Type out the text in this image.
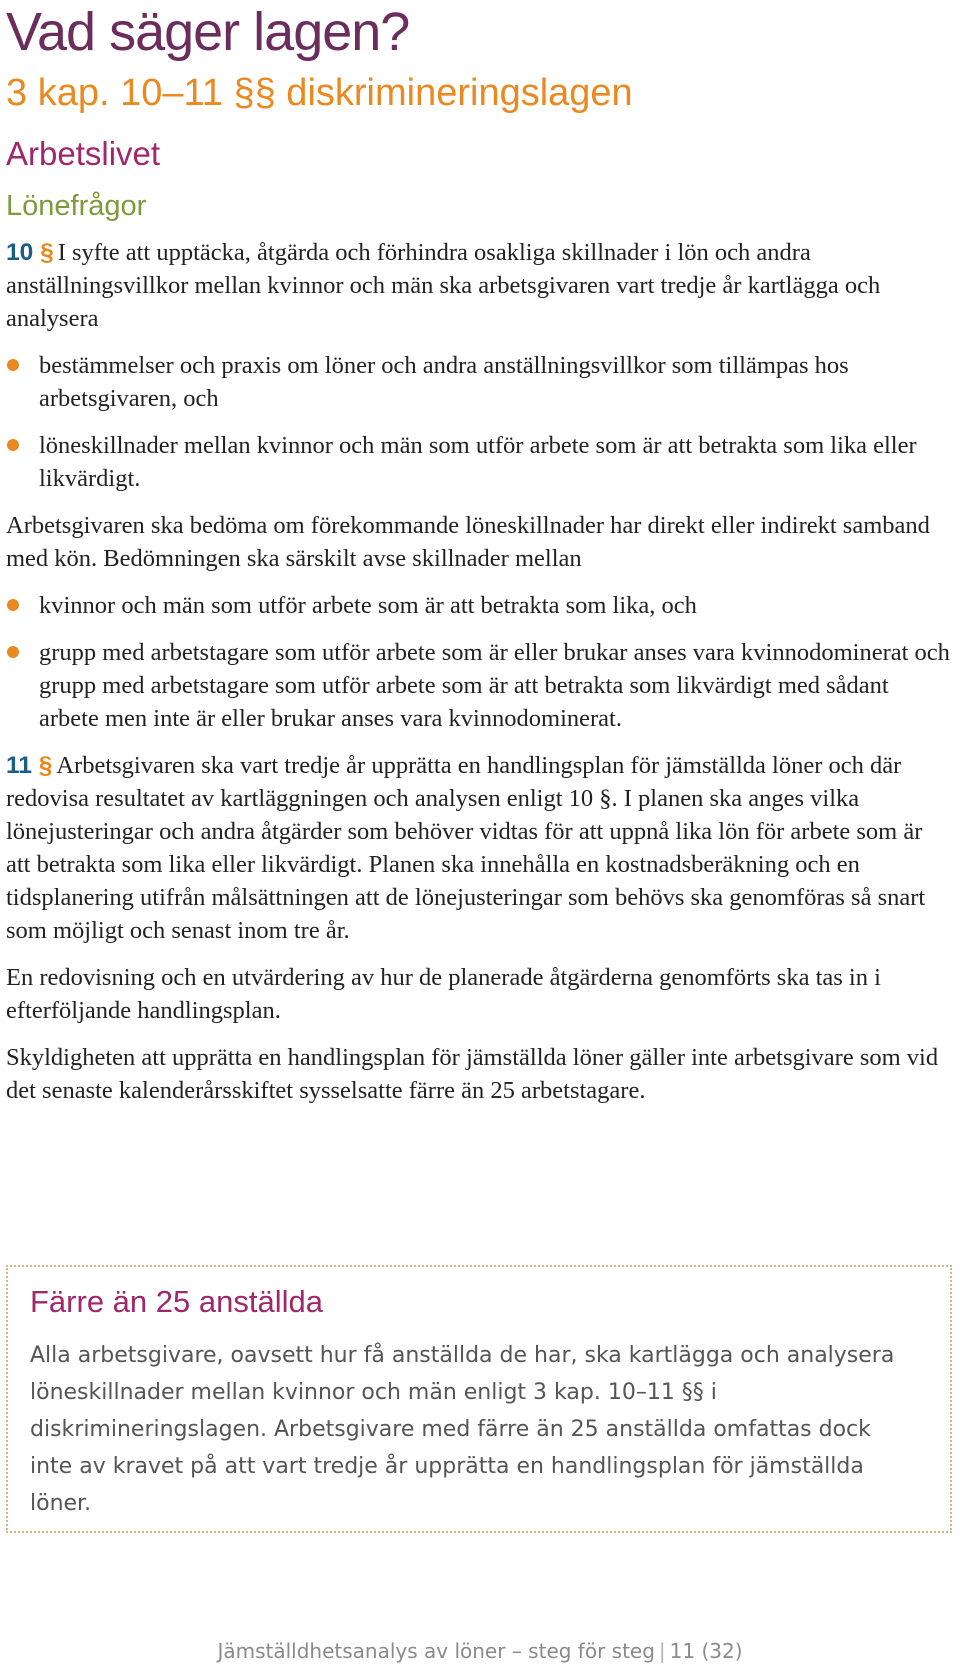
Vad säger lagen?
3 kap. 10–11 §§ diskrimineringslagen
Arbetslivet
Lönefrågor

10 § I syfte att upptäcka, åtgärda och förhindra osakliga skillnader i lön och andra anställningsvillkor mellan kvinnor och män ska arbetsgivaren vart tredje år kartlägga och analysera

bestämmelser och praxis om löner och andra anställningsvillkor som tillämpas hos arbetsgivaren, och
löneskillnader mellan kvinnor och män som utför arbete som är att betrakta som lika eller likvärdigt.

Arbetsgivaren ska bedöma om förekommande löneskillnader har direkt eller indirekt samband med kön. Bedömningen ska särskilt avse skillnader mellan

kvinnor och män som utför arbete som är att betrakta som lika, och
grupp med arbetstagare som utför arbete som är eller brukar anses vara kvinnodominerat och grupp med arbetstagare som utför arbete som är att betrakta som likvärdigt med sådant arbete men inte är eller brukar anses vara kvinnodominerat.

11 § Arbetsgivaren ska vart tredje år upprätta en handlingsplan för jämställda löner och där redovisa resultatet av kartläggningen och analysen enligt 10 §. I planen ska anges vilka lönejusteringar och andra åtgärder som behöver vidtas för att uppnå lika lön för arbete som är att betrakta som lika eller likvärdigt. Planen ska innehålla en kostnadsberäkning och en tidsplanering utifrån målsättningen att de lönejusteringar som behövs ska genomföras så snart som möjligt och senast inom tre år.

En redovisning och en utvärdering av hur de planerade åtgärderna genomförts ska tas in i efterföljande handlingsplan.

Skyldigheten att upprätta en handlingsplan för jämställda löner gäller inte arbetsgivare som vid det senaste kalenderårsskiftet sysselsatte färre än 25 arbetstagare.

Färre än 25 anställda

Alla arbetsgivare, oavsett hur få anställda de har, ska kartlägga och analysera löneskillnader mellan kvinnor och män enligt 3 kap. 10–11 §§ i diskrimineringslagen. Arbetsgivare med färre än 25 anställda omfattas dock inte av kravet på att vart tredje år upprätta en handlingsplan för jämställda löner.

Jämställdhetsanalys av löner – steg för steg | 11 (32)
